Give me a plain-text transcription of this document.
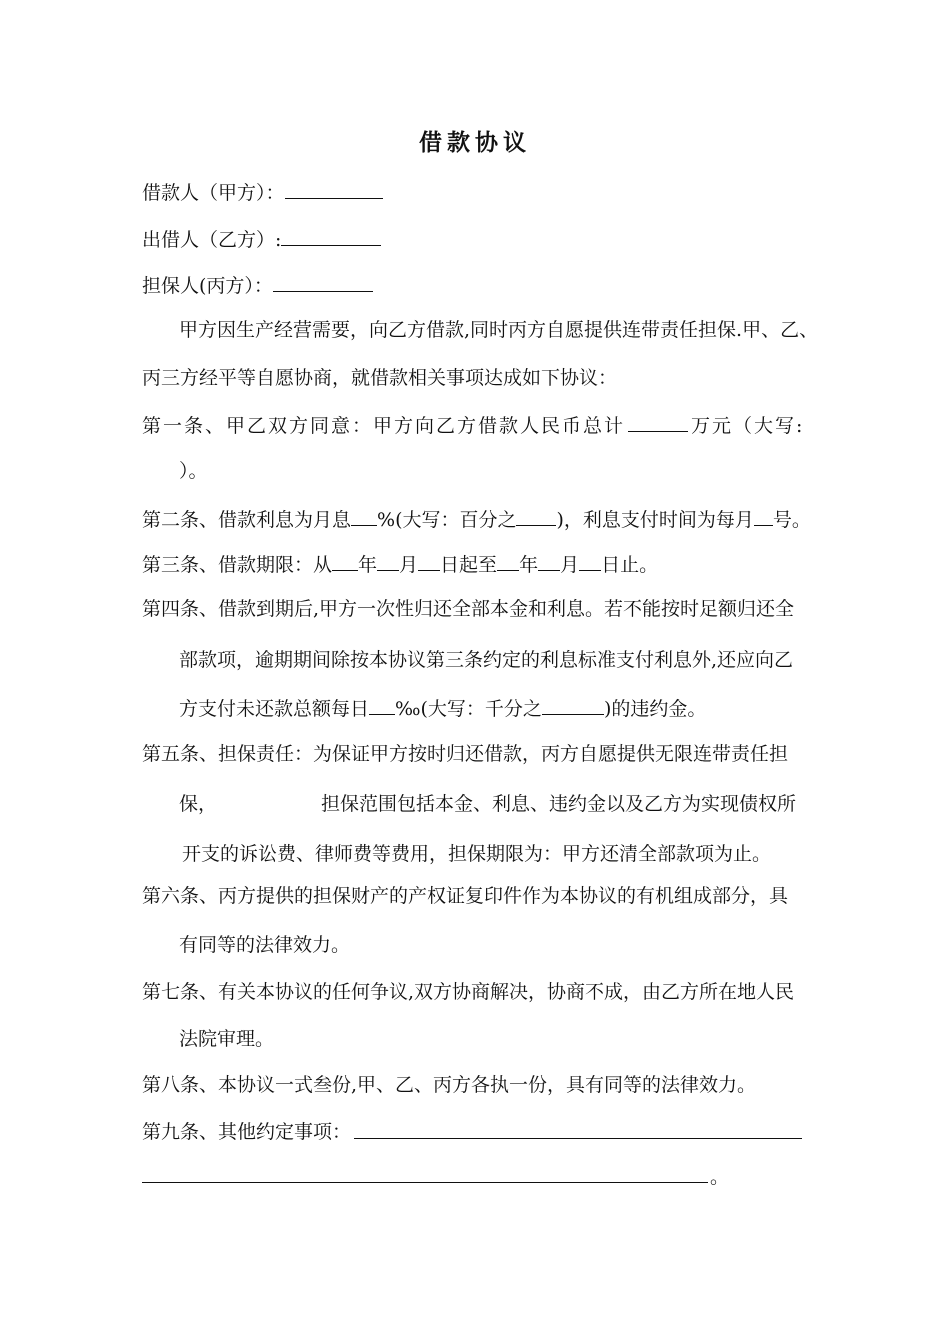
借款协议
借款人（甲方）：
出借人（乙方）:
担保人(丙方）：
甲方因生产经营需要，向乙方借款,同时丙方自愿提供连带责任担保.甲、乙、
丙三方经平等自愿协商，就借款相关事项达成如下协议：
第一条、甲乙双方同意：甲方向乙方借款人民币总计	万元（大写:
）。
第二条、借款利息为月息 %(大写：百分之 )，利息支付时间为每月 号。
第三条、借款期限：从 年 月 日起至 年 月 日止。
第四条、借款到期后,甲方一次性归还全部本金和利息。若不能按时足额归还全
部款项，逾期期间除按本协议第三条约定的利息标准支付利息外,还应向乙
方支付未还款总额每日 ‰(大写：千分之	)的违约金。
第五条、担保责任：为保证甲方按时归还借款，丙方自愿提供无限连带责任担
保，	担保范围包括本金、利息、违约金以及乙方为实现债权所
开支的诉讼费、律师费等费用，担保期限为：甲方还清全部款项为止。
第六条、丙方提供的担保财产的产权证复印件作为本协议的有机组成部分，具
有同等的法律效力。
第七条、有关本协议的任何争议,双方协商解决，协商不成，由乙方所在地人民
法院审理。
第八条、本协议一式叁份,甲、乙、丙方各执一份，具有同等的法律效力。
第九条、其他约定事项：
。
